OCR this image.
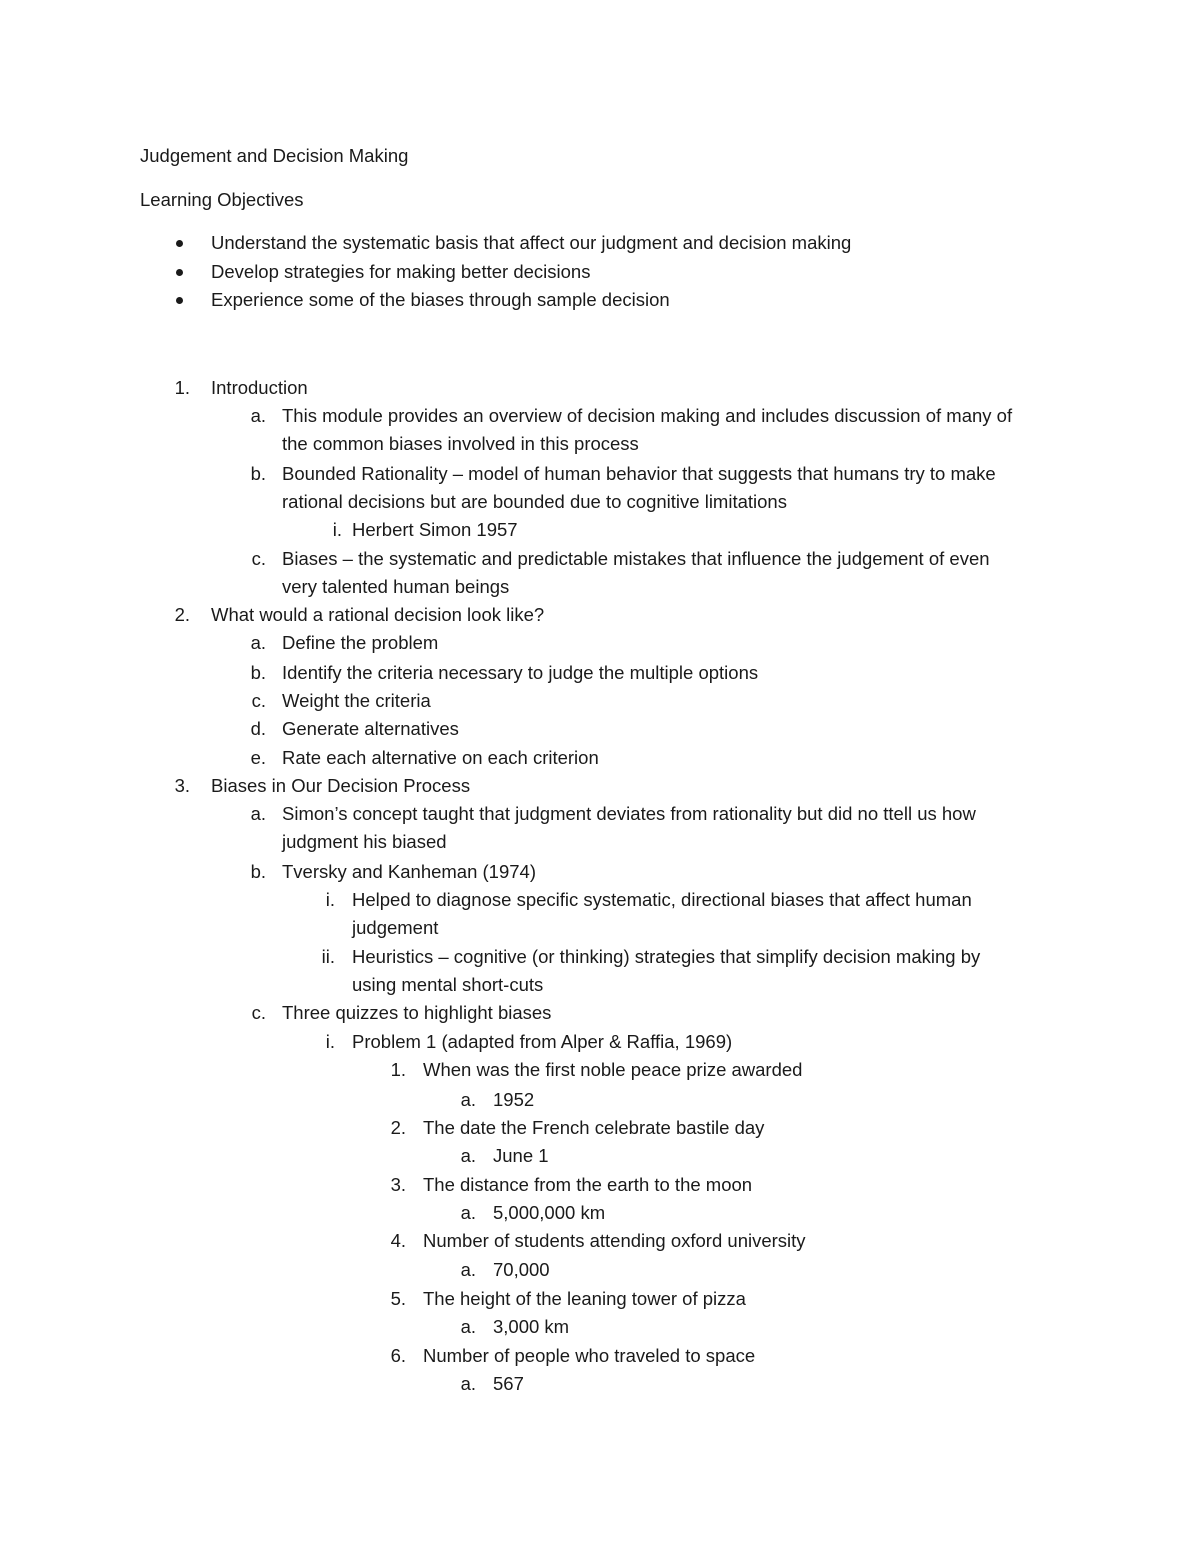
Judgement and Decision Making
Learning Objectives
Understand the systematic basis that affect our judgment and decision making
Develop strategies for making better decisions
Experience some of the biases through sample decision
1. Introduction
a. This module provides an overview of decision making and includes discussion of many of
the common biases involved in this process
b. Bounded Rationality – model of human behavior that suggests that humans try to make
rational decisions but are bounded due to cognitive limitations
i. Herbert Simon 1957
c. Biases – the systematic and predictable mistakes that influence the judgement of even
very talented human beings
2. What would a rational decision look like?
a. Define the problem
b. Identify the criteria necessary to judge the multiple options
c. Weight the criteria
d. Generate alternatives
e. Rate each alternative on each criterion
3. Biases in Our Decision Process
a. Simon’s concept taught that judgment deviates from rationality but did no ttell us how
judgment his biased
b. Tversky and Kanheman (1974)
i. Helped to diagnose specific systematic, directional biases that affect human
judgement
ii. Heuristics – cognitive (or thinking) strategies that simplify decision making by
using mental short-cuts
c. Three quizzes to highlight biases
i. Problem 1 (adapted from Alper & Raffia, 1969)
1. When was the first noble peace prize awarded
a. 1952
2. The date the French celebrate bastile day
a. June 1
3. The distance from the earth to the moon
a. 5,000,000 km
4. Number of students attending oxford university
a. 70,000
5. The height of the leaning tower of pizza
a. 3,000 km
6. Number of people who traveled to space
a. 567
